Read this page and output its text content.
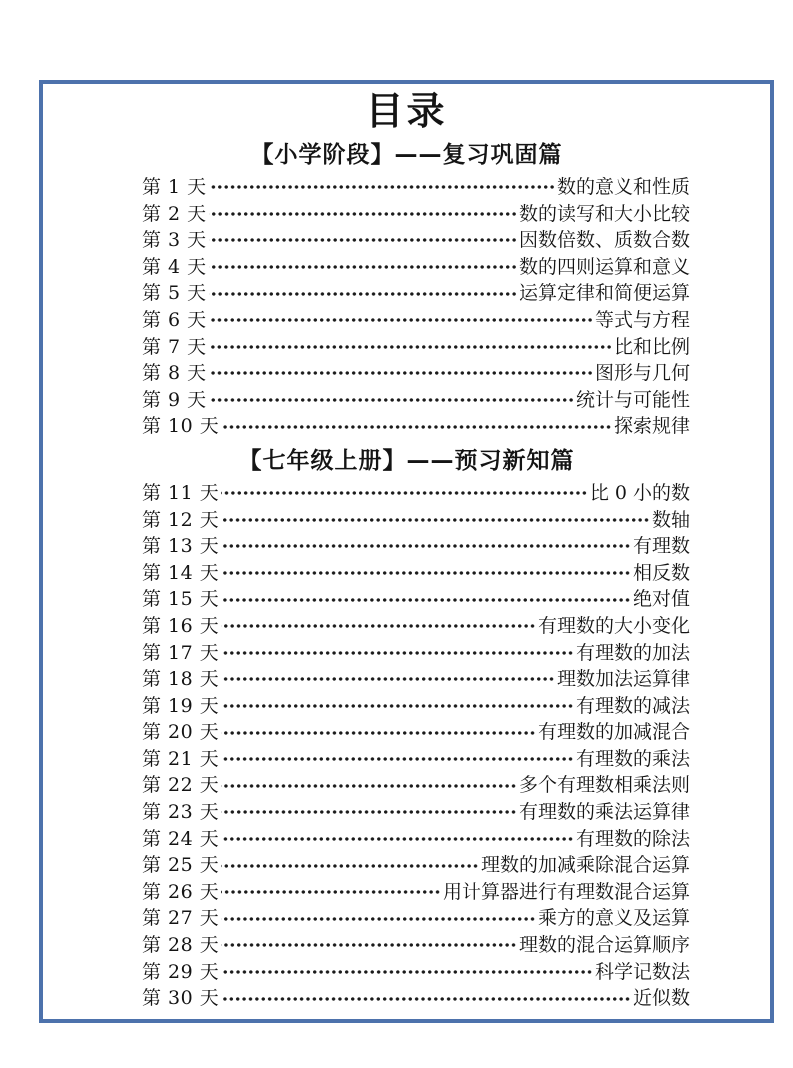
目录
【小学阶段】——复习巩固篇
第 1 天	数的意义和性质
第 2 天	数的读写和大小比较
第 3 天	因数倍数、质数合数
第 4 天	数的四则运算和意义
第 5 天	运算定律和简便运算
第 6 天	等式与方程
第 7 天	比和比例
第 8 天	图形与几何
第 9 天	统计与可能性
第 10 天	探索规律
【七年级上册】——预习新知篇
第 11 天	比 0 小的数
第 12 天	数轴
第 13 天	有理数
第 14 天	相反数
第 15 天	绝对值
第 16 天	有理数的大小变化
第 17 天	有理数的加法
第 18 天	理数加法运算律
第 19 天	有理数的减法
第 20 天	有理数的加减混合
第 21 天	有理数的乘法
第 22 天	多个有理数相乘法则
第 23 天	有理数的乘法运算律
第 24 天	有理数的除法
第 25 天	理数的加减乘除混合运算
第 26 天	用计算器进行有理数混合运算
第 27 天	乘方的意义及运算
第 28 天	理数的混合运算顺序
第 29 天	科学记数法
第 30 天	近似数
